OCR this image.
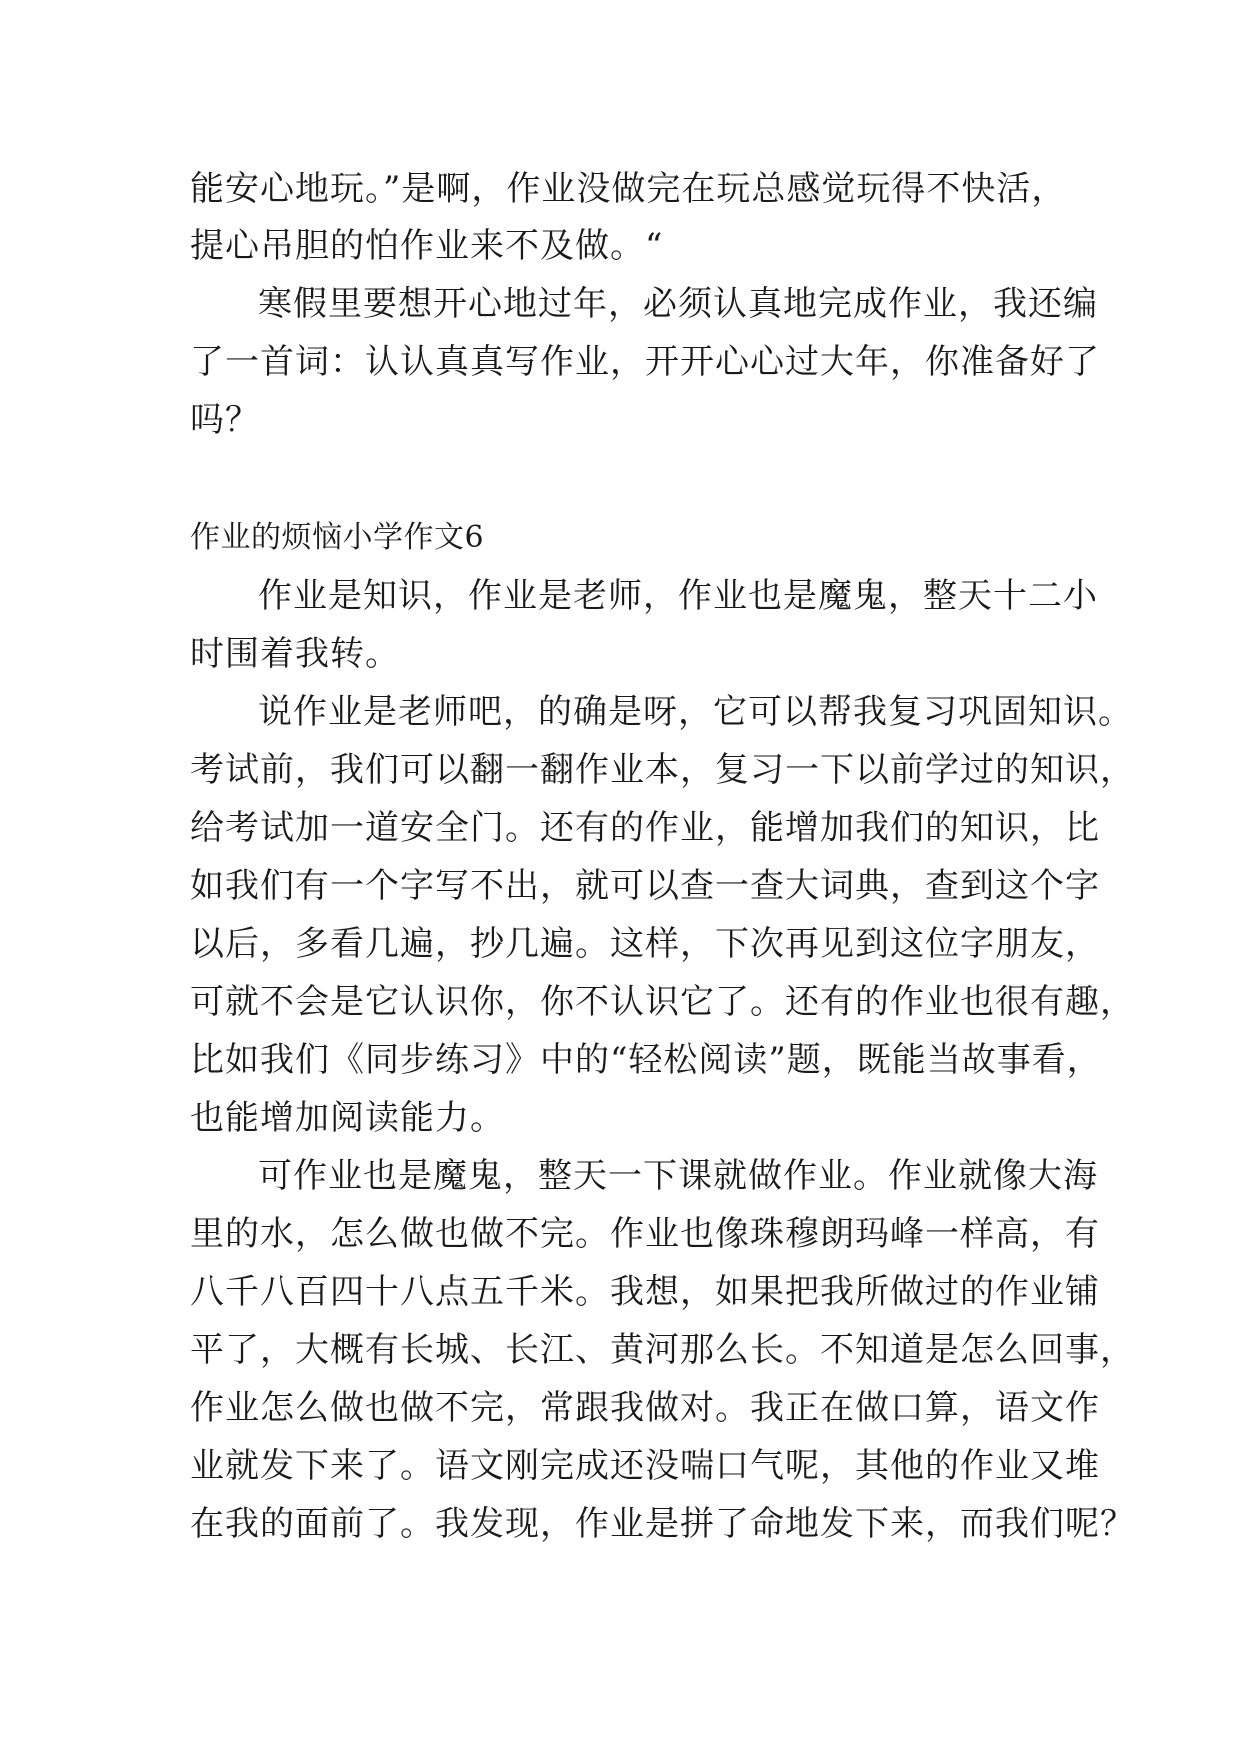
能安心地玩。”是啊，作业没做完在玩总感觉玩得不快活，
提心吊胆的怕作业来不及做。“
寒假里要想开心地过年，必须认真地完成作业，我还编
了一首词：认认真真写作业，开开心心过大年，你准备好了
吗？
作业的烦恼小学作文6
作业是知识，作业是老师，作业也是魔鬼，整天十二小
时围着我转。
说作业是老师吧，的确是呀，它可以帮我复习巩固知识。
考试前，我们可以翻一翻作业本，复习一下以前学过的知识，
给考试加一道安全门。还有的作业，能增加我们的知识，比
如我们有一个字写不出，就可以查一查大词典，查到这个字
以后，多看几遍，抄几遍。这样，下次再见到这位字朋友，
可就不会是它认识你，你不认识它了。还有的作业也很有趣，
比如我们《同步练习》中的“轻松阅读”题，既能当故事看，
也能增加阅读能力。
可作业也是魔鬼，整天一下课就做作业。作业就像大海
里的水，怎么做也做不完。作业也像珠穆朗玛峰一样高，有
八千八百四十八点五千米。我想，如果把我所做过的作业铺
平了，大概有长城、长江、黄河那么长。不知道是怎么回事，
作业怎么做也做不完，常跟我做对。我正在做口算，语文作
业就发下来了。语文刚完成还没喘口气呢，其他的作业又堆
在我的面前了。我发现，作业是拼了命地发下来，而我们呢？
